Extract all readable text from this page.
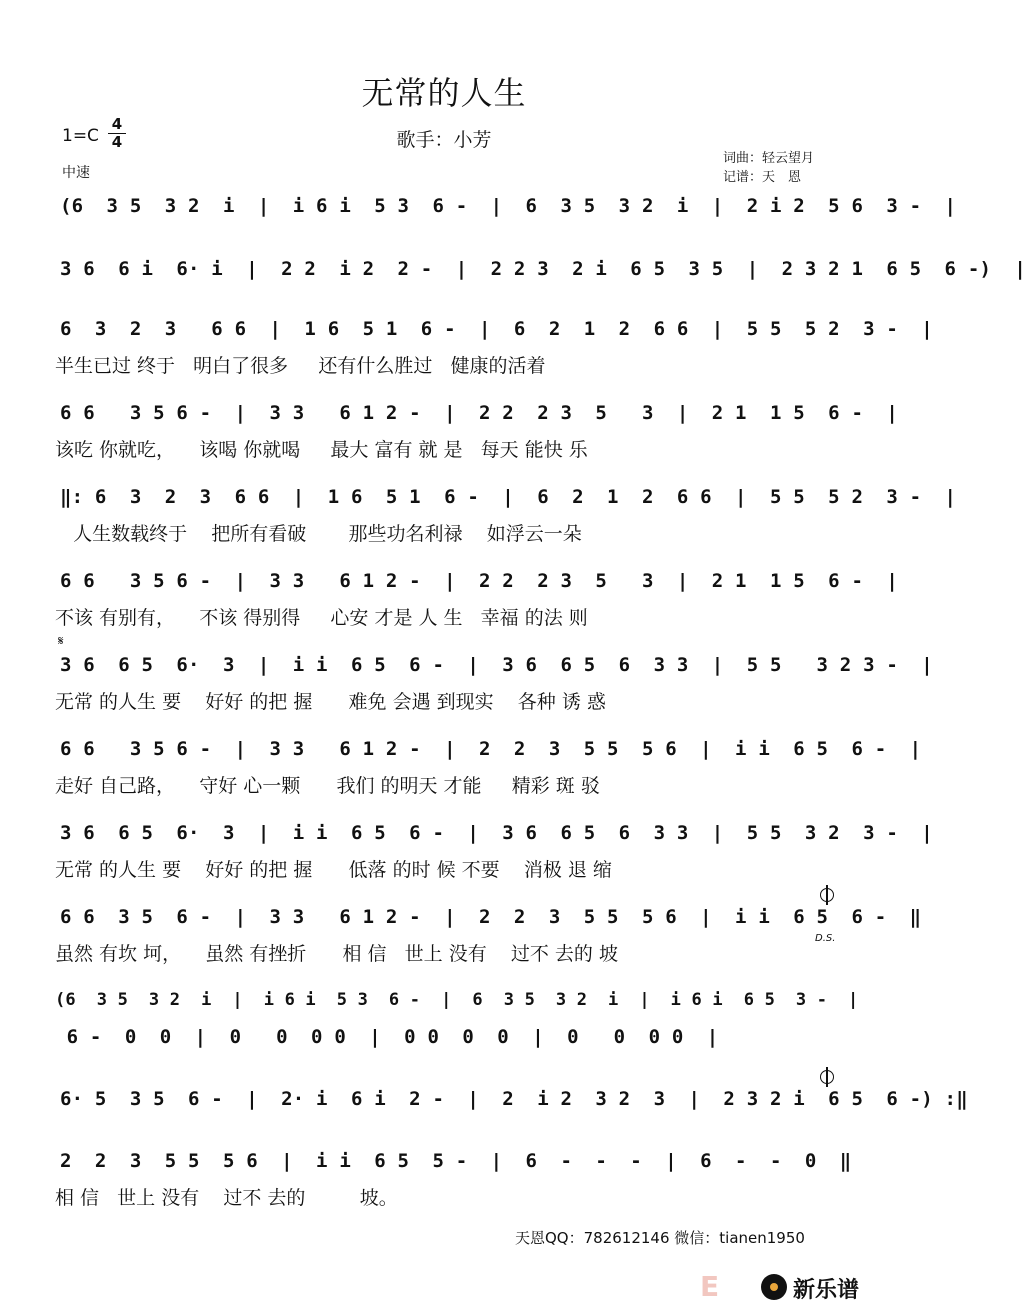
无常的人生
歌手：小芳
1=C
4
4
中速
词曲：轻云望月
记谱：天　恩
(6  3 5  3 2  i  |  i 6 i  5 3  6 -  |  6  3 5  3 2  i  |  2 i 2  5 6  3 -  |
3 6  6 i  6· i  |  2 2  i 2  2 -  |  2 2 3  2 i  6 5  3 5  |  2 3 2 1  6 5  6 -)  |
6  3  2  3   6 6  |  1 6  5 1  6 -  |  6  2  1  2  6 6  |  5 5  5 2  3 -  |
半生已过 终于   明白了很多     还有什么胜过   健康的活着
6 6   3 5 6 -  |  3 3   6 1 2 -  |  2 2  2 3  5   3  |  2 1  1 5  6 -  |
该吃 你就吃，    该喝 你就喝     最大 富有 就 是   每天 能快 乐
‖: 6  3  2  3  6 6  |  1 6  5 1  6 -  |  6  2  1  2  6 6  |  5 5  5 2  3 -  |
人生数载终于    把所有看破       那些功名利禄    如浮云一朵
6 6   3 5 6 -  |  3 3   6 1 2 -  |  2 2  2 3  5   3  |  2 1  1 5  6 -  |
不该 有别有，    不该 得别得     心安 才是 人 生   幸福 的法 则
𝄋
3 6  6 5  6·  3  |  i i  6 5  6 -  |  3 6  6 5  6  3 3  |  5 5   3 2 3 -  |
无常 的人生 要    好好 的把 握      难免 会遇 到现实    各种 诱 惑
6 6   3 5 6 -  |  3 3   6 1 2 -  |  2  2  3  5 5  5 6  |  i i  6 5  6 -  |
走好 自己路，    守好 心一颗      我们 的明天 才能     精彩 斑 驳
3 6  6 5  6·  3  |  i i  6 5  6 -  |  3 6  6 5  6  3 3  |  5 5  3 2  3 -  |
无常 的人生 要    好好 的把 握      低落 的时 候 不要    消极 退 缩
6 6  3 5  6 -  |  3 3   6 1 2 -  |  2  2  3  5 5  5 6  |  i i  6 5  6 -  ‖
虽然 有坎 坷，    虽然 有挫折      相 信   世上 没有    过不 去的 坡
D.S.
(6  3 5  3 2  i  |  i 6 i  5 3  6 -  |  6  3 5  3 2  i  |  i 6 i  6 5  3 -  |
6 -  0  0  |  0   0  0 0  |  0 0  0  0  |  0   0  0 0  |
6· 5  3 5  6 -  |  2· i  6 i  2 -  |  2  i 2  3 2  3  |  2 3 2 i  6 5  6 -) :‖
2  2  3  5 5  5 6  |  i i  6 5  5 -  |  6  -  -  -  |  6  -  -  0  ‖
相 信   世上 没有    过不 去的         坡。
天恩QQ：782612146 微信：tianen1950
E	新乐谱
